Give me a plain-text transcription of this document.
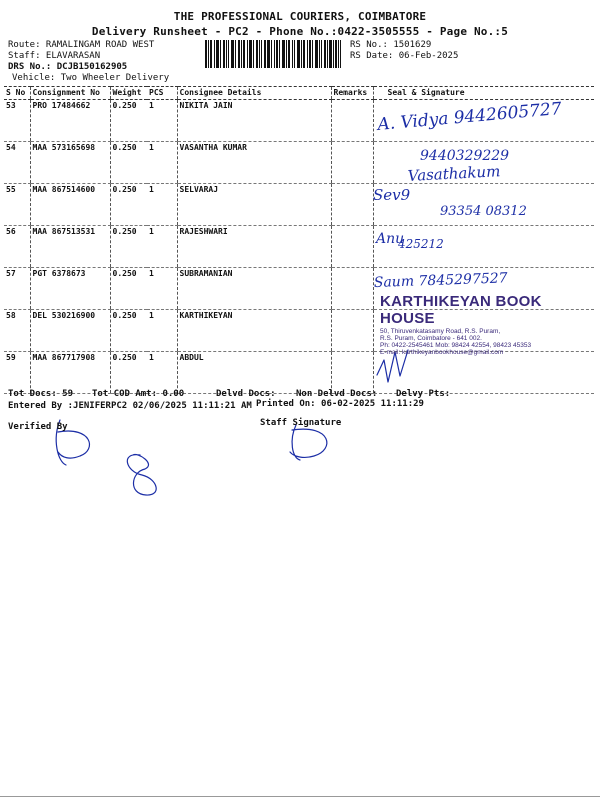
THE PROFESSIONAL COURIERS, COIMBATORE
Delivery Runsheet - PC2 - Phone No.:0422-3505555 - Page No.:5
Route: RAMALINGAM ROAD WEST
Staff: ELAVARASAN
DRS No.: DCJB150162905
Vehicle: Two Wheeler Delivery
RS No.: 1501629
RS Date: 06-Feb-2025
S No	Consignment No	Weight	PCS	Consignee Details	Remarks	Seal & Signature
53	PRO 17484662	0.250	1	NIKITA JAIN		
54	MAA 573165698	0.250	1	VASANTHA KUMAR		
55	MAA 867514600	0.250	1	SELVARAJ		
56	MAA 867513531	0.250	1	RAJESHWARI		
57	PGT 6378673	0.250	1	SUBRAMANIAN		
58	DEL 530216900	0.250	1	KARTHIKEYAN		
59	MAA 867717908	0.250	1	ABDUL		
A. Vidya 9442605727
9440329229
Vasathakum
Sev9
93354 08312
Anu
425212
Saum 7845297527
KARTHIKEYAN BOOK HOUSE
50, Thiruvenkatasamy Road, R.S. Puram,
R.S. Puram, Coimbatore - 641 002.
Ph: 0422-2545461 Mob: 98424 42554, 98423 45353
E-mail: karthikeyanbookhouse@gmail.com
Tot Docs: 59 Tot COD Amt: 0.00	Delvd Docs: Non Delvd Docs: Delvy Pts:
Entered By :JENIFERPC2 02/06/2025 11:11:21 AM Printed On: 06-02-2025 11:11:29
Verified By	Staff Signature
